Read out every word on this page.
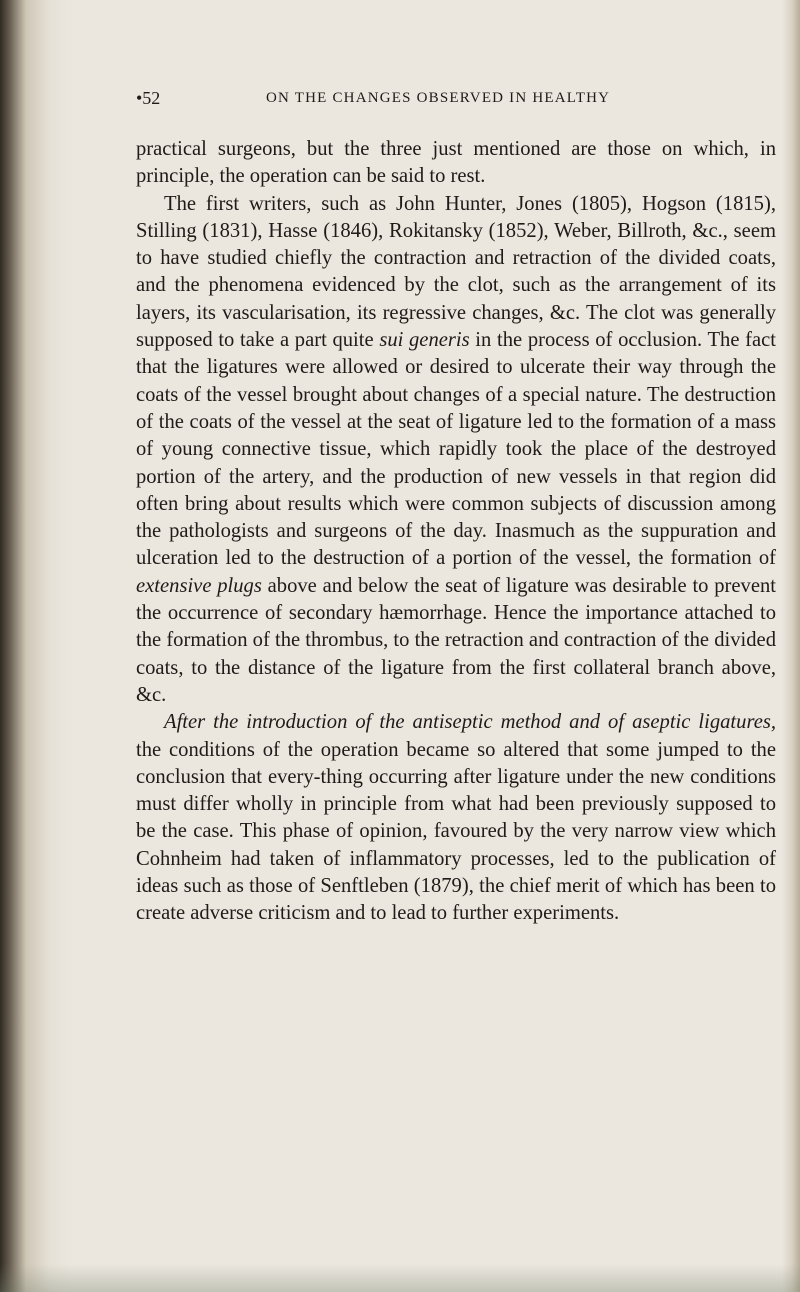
•52	ON THE CHANGES OBSERVED IN HEALTHY

practical surgeons, but the three just mentioned are those on which, in principle, the operation can be said to rest.

The first writers, such as John Hunter, Jones (1805), Hogson (1815), Stilling (1831), Hasse (1846), Rokitansky (1852), Weber, Billroth, &c., seem to have studied chiefly the contraction and retraction of the divided coats, and the phenomena evidenced by the clot, such as the arrangement of its layers, its vascularisation, its regressive changes, &c. The clot was generally supposed to take a part quite sui generis in the process of occlusion. The fact that the ligatures were allowed or desired to ulcerate their way through the coats of the vessel brought about changes of a special nature. The destruction of the coats of the vessel at the seat of ligature led to the formation of a mass of young connective tissue, which rapidly took the place of the destroyed portion of the artery, and the production of new vessels in that region did often bring about results which were common subjects of discussion among the pathologists and surgeons of the day. Inasmuch as the suppuration and ulceration led to the destruction of a portion of the vessel, the formation of extensive plugs above and below the seat of ligature was desirable to prevent the occurrence of secondary hæmorrhage. Hence the importance attached to the formation of the thrombus, to the retraction and contraction of the divided coats, to the distance of the ligature from the first collateral branch above, &c.

After the introduction of the antiseptic method and of aseptic ligatures, the conditions of the operation became so altered that some jumped to the conclusion that every-thing occurring after ligature under the new conditions must differ wholly in principle from what had been previously supposed to be the case. This phase of opinion, favoured by the very narrow view which Cohnheim had taken of inflammatory processes, led to the publication of ideas such as those of Senftleben (1879), the chief merit of which has been to create adverse criticism and to lead to further experiments.
